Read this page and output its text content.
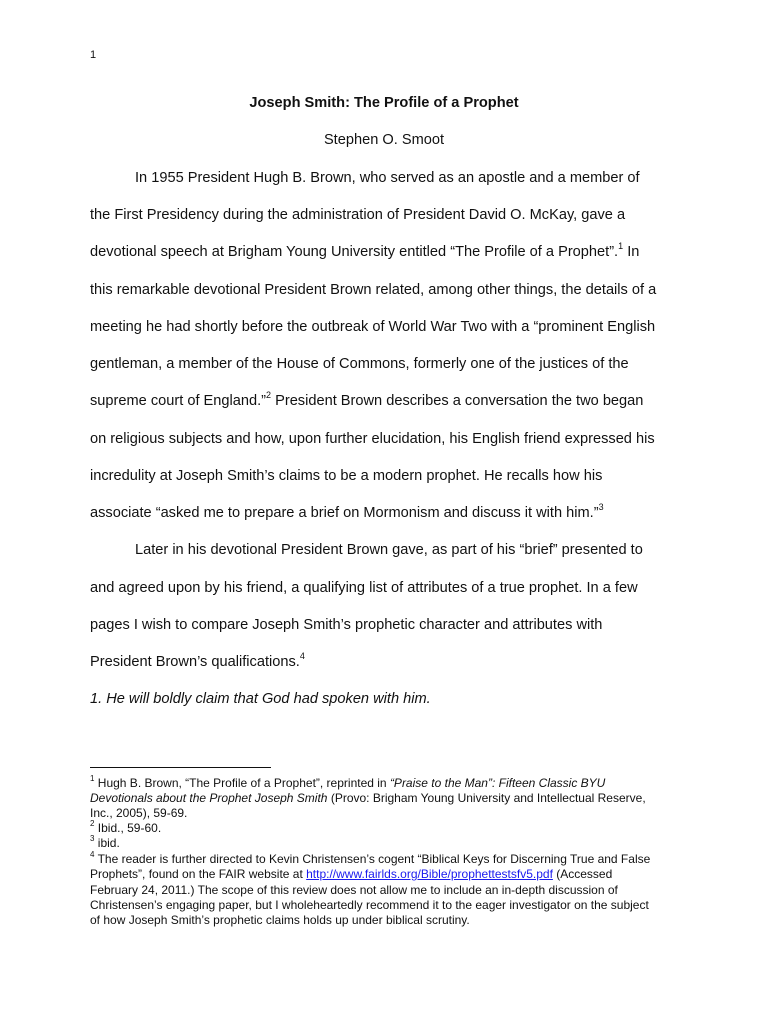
1
Joseph Smith: The Profile of a Prophet
Stephen O. Smoot
In 1955 President Hugh B. Brown, who served as an apostle and a member of
the First Presidency during the administration of President David O. McKay, gave a
devotional speech at Brigham Young University entitled “The Profile of a Prophet”.$^1$ In
this remarkable devotional President Brown related, among other things, the details of a
meeting he had shortly before the outbreak of World War Two with a “prominent English
gentleman, a member of the House of Commons, formerly one of the justices of the
supreme court of England.”$^2$ President Brown describes a conversation the two began
on religious subjects and how, upon further elucidation, his English friend expressed his
incredulity at Joseph Smith’s claims to be a modern prophet. He recalls how his
associate “asked me to prepare a brief on Mormonism and discuss it with him.”$^3$
Later in his devotional President Brown gave, as part of his “brief” presented to
and agreed upon by his friend, a qualifying list of attributes of a true prophet. In a few
pages I wish to compare Joseph Smith’s prophetic character and attributes with
President Brown’s qualifications.$^4$
1. He will boldly claim that God had spoken with him.
$^1$ Hugh B. Brown, “The Profile of a Prophet”, reprinted in “Praise to the Man”: Fifteen Classic BYU
Devotionals about the Prophet Joseph Smith (Provo: Brigham Young University and Intellectual Reserve,
Inc., 2005), 59-69.
$^2$ Ibid., 59-60.
$^3$ ibid.
$^4$ The reader is further directed to Kevin Christensen’s cogent “Biblical Keys for Discerning True and False
Prophets”, found on the FAIR website at http://www.fairlds.org/Bible/prophettestsfv5.pdf (Accessed
February 24, 2011.) The scope of this review does not allow me to include an in-depth discussion of
Christensen’s engaging paper, but I wholeheartedly recommend it to the eager investigator on the subject
of how Joseph Smith’s prophetic claims holds up under biblical scrutiny.
